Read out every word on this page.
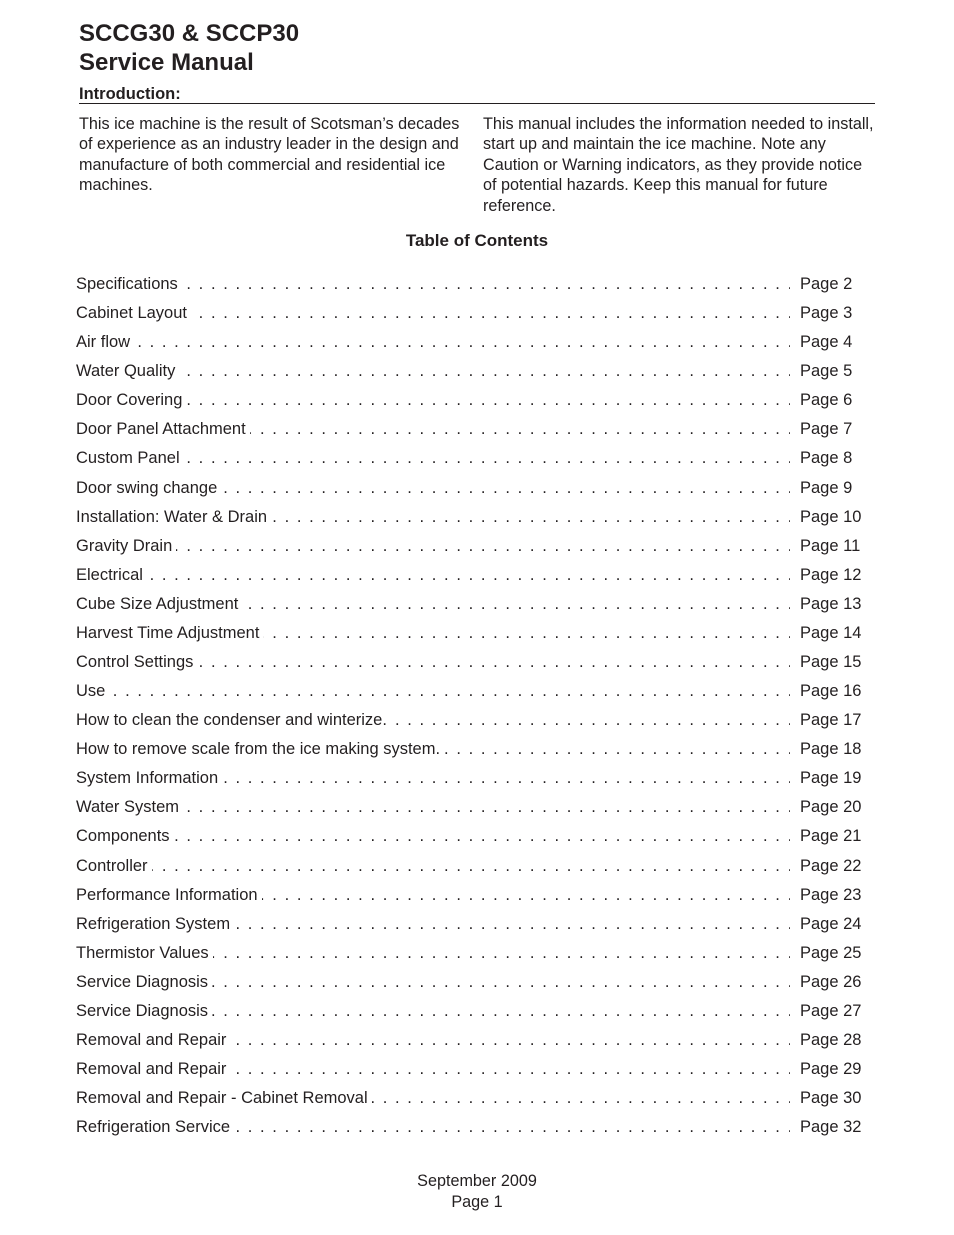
SCCG30 & SCCP30
Service Manual
Introduction:
This ice machine is the result of Scotsman’s decades of experience as an industry leader in the design and manufacture of both commercial and residential ice machines.
This manual includes the information needed to install, start up and maintain the ice machine. Note any Caution or Warning indicators, as they provide notice of potential hazards. Keep this manual for future reference.
Table of Contents
. . .
Specifications	Page 2
. . .
Cabinet Layout	Page 3
. . .
Air flow	Page 4
. . .
Water Quality	Page 5
. . .
Door Covering	Page 6
. . .
Door Panel Attachment	Page 7
. . .
Custom Panel	Page 8
. . .
Door swing change	Page 9
. . .
Installation: Water & Drain	Page 10
. . .
Gravity Drain	Page 11
. . .
Electrical	Page 12
. . .
Cube Size Adjustment	Page 13
. . .
Harvest Time Adjustment	Page 14
. . .
Control Settings	Page 15
. . .
Use	Page 16
. . .
How to clean the condenser and winterize.	Page 17
. . .
How to remove scale from the ice making system.	Page 18
. . .
System Information	Page 19
. . .
Water System	Page 20
. . .
Components	Page 21
. . .
Controller	Page 22
. . .
Performance Information	Page 23
. . .
Refrigeration System	Page 24
. . .
Thermistor Values	Page 25
. . .
Service Diagnosis	Page 26
. . .
Service Diagnosis	Page 27
. . .
Removal and Repair	Page 28
. . .
Removal and Repair	Page 29
. . .
Removal and Repair - Cabinet Removal	Page 30
. . .
Refrigeration Service	Page 32
September 2009
Page 1
